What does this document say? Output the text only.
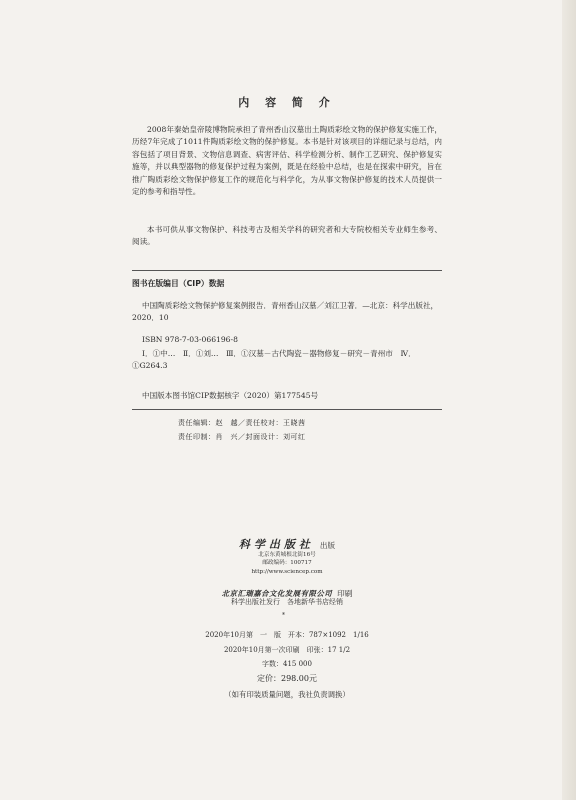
内 容 简 介

2008年秦始皇帝陵博物院承担了青州香山汉墓出土陶质彩绘文物的保护修复实施工作，历经7年完成了1011件陶质彩绘文物的保护修复。本书是针对该项目的详细记录与总结，内容包括了项目背景、文物信息调查、病害评估、科学检测分析、制作工艺研究、保护修复实施等，并以典型器物的修复保护过程为案例，既是在经验中总结，也是在探索中研究，旨在推广陶质彩绘文物保护修复工作的规范化与科学化，为从事文物保护修复的技术人员提供一定的参考和指导性。

本书可供从事文物保护、科技考古及相关学科的研究者和大专院校相关专业师生参考、阅读。

图书在版编目（CIP）数据

中国陶质彩绘文物保护修复案例报告．青州香山汉墓／刘江卫著．—北京：科学出版社，2020．10

ISBN 978-7-03-066196-8

Ⅰ．①中…　Ⅱ．①刘…　Ⅲ．①汉墓－古代陶瓷－器物修复－研究－青州市　Ⅳ．①G264.3

中国版本图书馆CIP数据核字（2020）第177545号

责任编辑：赵　越／责任校对：王晓茜
责任印制：肖　兴／封面设计：刘可红
科学出版社 出版
北京东黄城根北街16号
邮政编码：100717
http://www.sciencep.com
北京汇瑞嘉合文化发展有限公司 印刷
科学出版社发行　各地新华书店经销
*
2020年10月第　一　版　开本：787×1092　1/16
2020年10月第一次印刷　印张：17 1/2
字数：415 000
定价：298.00元
（如有印装质量问题，我社负责调换）
